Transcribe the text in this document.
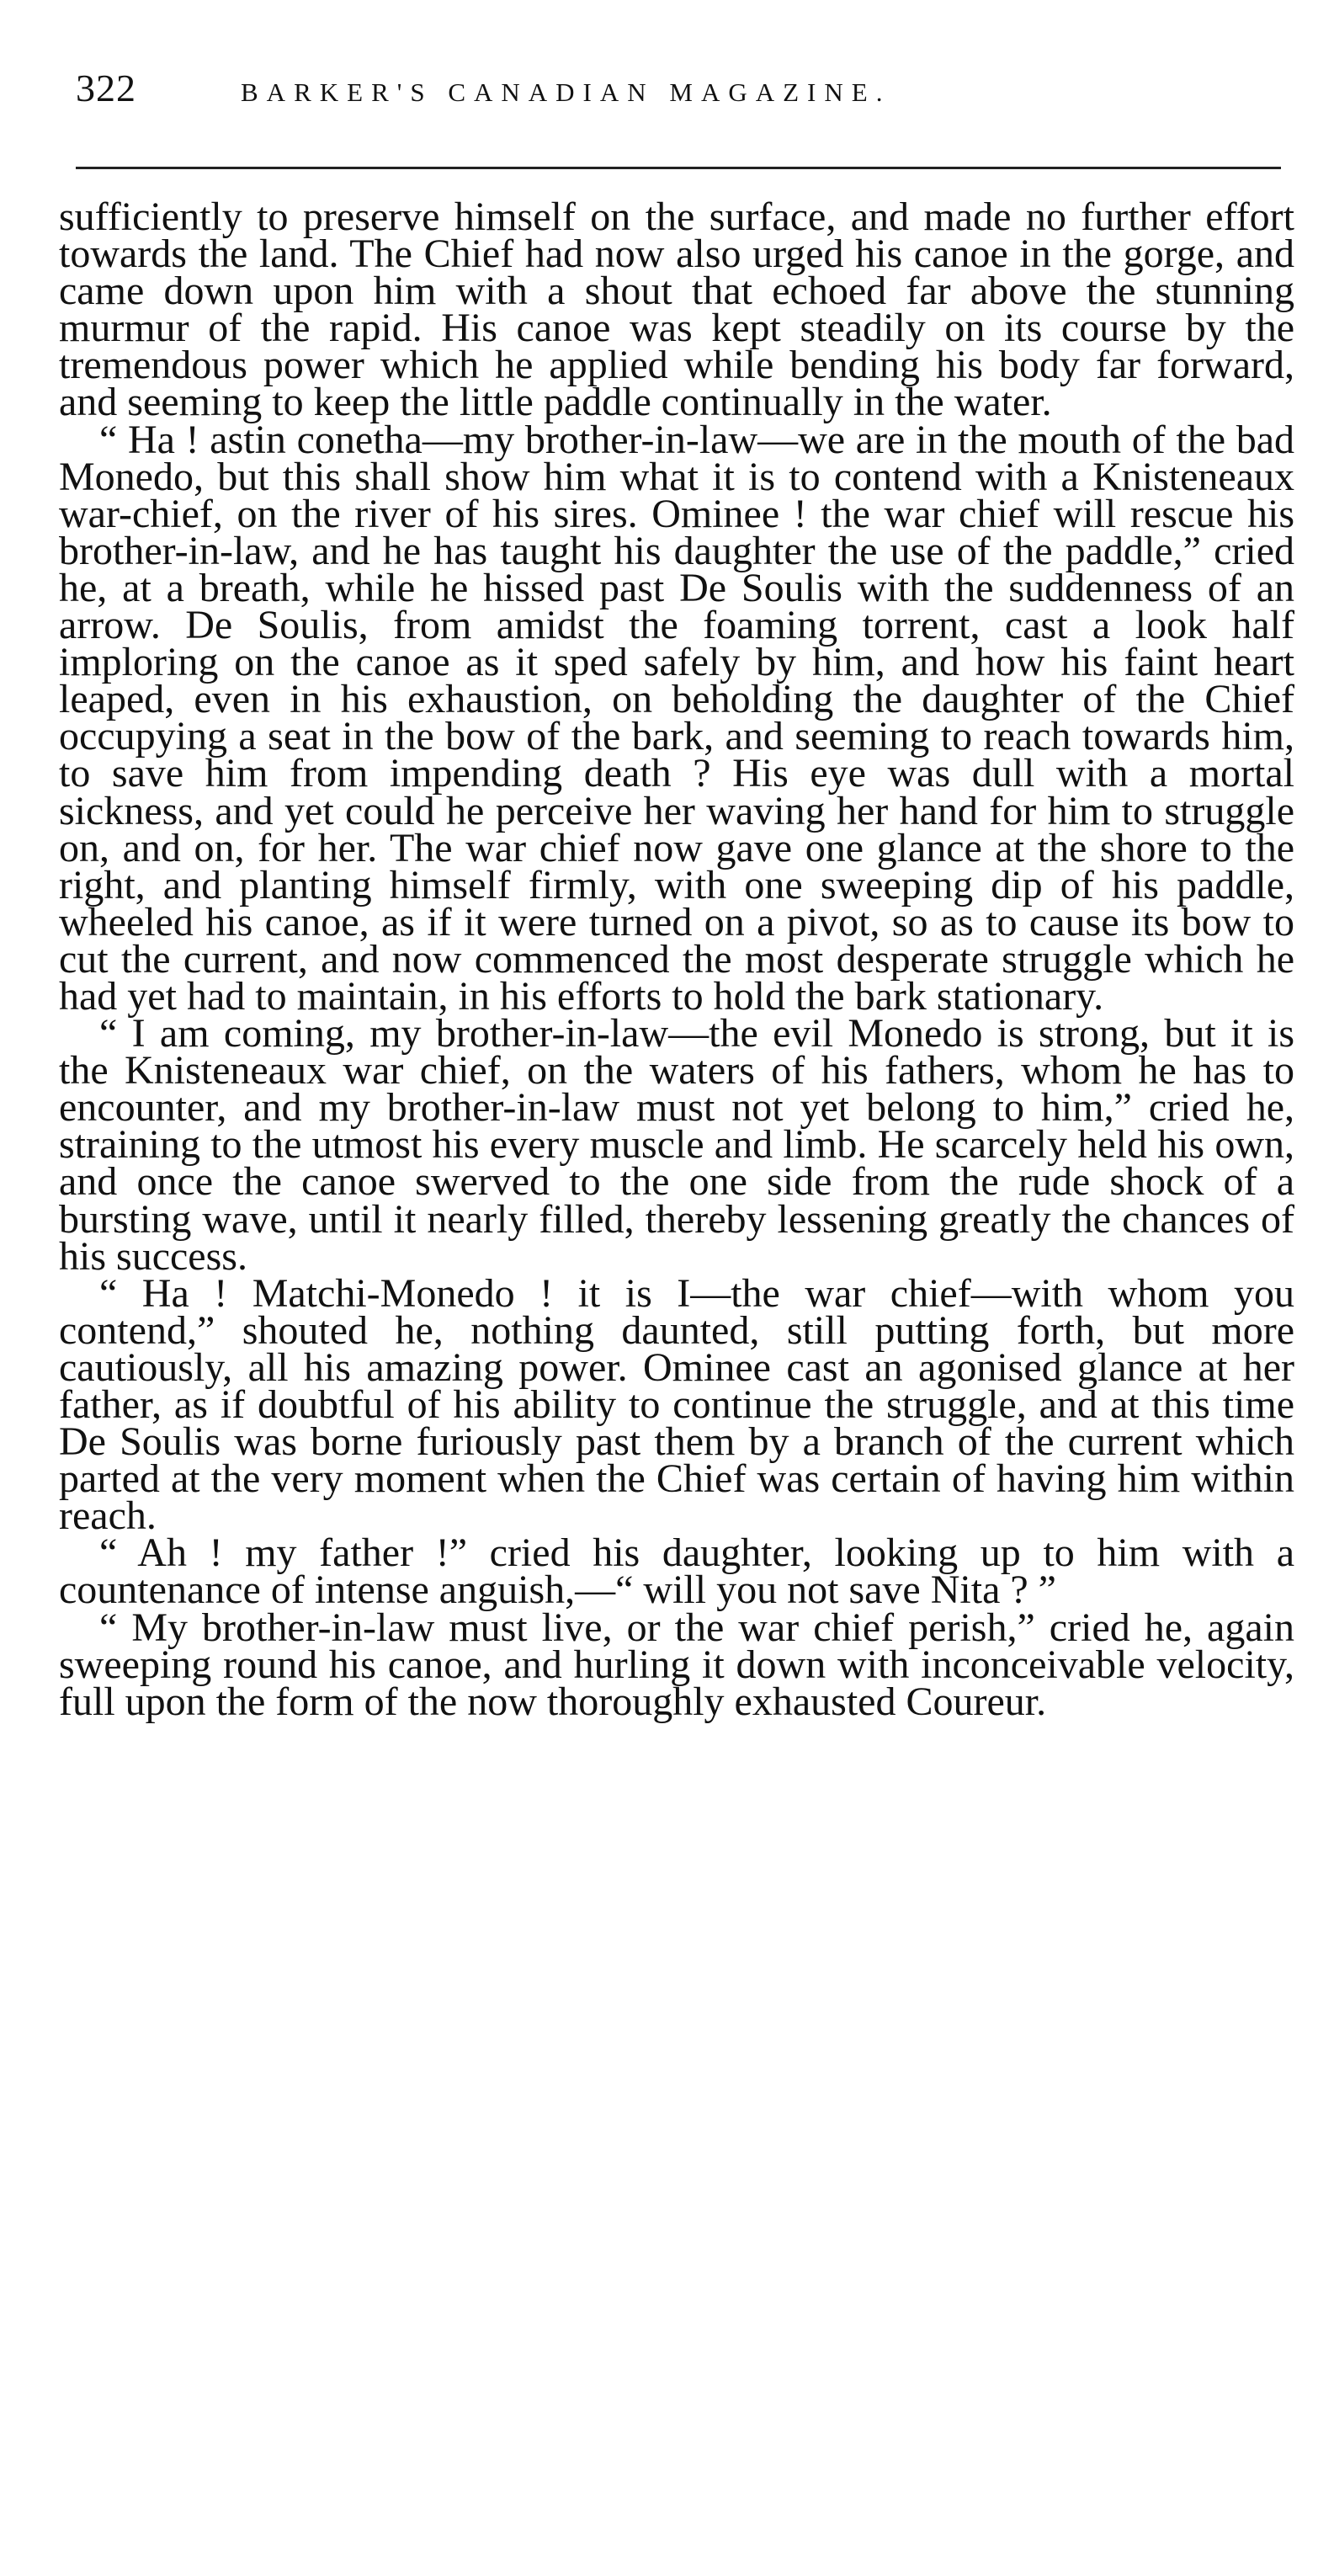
322	BARKER'S CANADIAN MAGAZINE.

sufficiently to preserve himself on the surface, and made no further effort towards the land. The Chief had now also urged his canoe in the gorge, and came down upon him with a shout that echoed far above the stunning murmur of the rapid. His canoe was kept steadily on its course by the tremendous power which he applied while bending his body far forward, and seeming to keep the little paddle continually in the water.

“ Ha ! astin conetha—my brother-in-law—we are in the mouth of the bad Monedo, but this shall show him what it is to contend with a Knisteneaux war-chief, on the river of his sires. Ominee ! the war chief will rescue his brother-in-law, and he has taught his daughter the use of the paddle,” cried he, at a breath, while he hissed past De Soulis with the suddenness of an arrow. De Soulis, from amidst the foaming torrent, cast a look half imploring on the canoe as it sped safely by him, and how his faint heart leaped, even in his exhaustion, on beholding the daughter of the Chief occupying a seat in the bow of the bark, and seeming to reach towards him, to save him from impending death ? His eye was dull with a mortal sickness, and yet could he perceive her waving her hand for him to struggle on, and on, for her. The war chief now gave one glance at the shore to the right, and planting himself firmly, with one sweeping dip of his paddle, wheeled his canoe, as if it were turned on a pivot, so as to cause its bow to cut the current, and now commenced the most desperate struggle which he had yet had to maintain, in his efforts to hold the bark stationary.

“ I am coming, my brother-in-law—the evil Monedo is strong, but it is the Knisteneaux war chief, on the waters of his fathers, whom he has to encounter, and my brother-in-law must not yet belong to him,” cried he, straining to the utmost his every muscle and limb. He scarcely held his own, and once the canoe swerved to the one side from the rude shock of a bursting wave, until it nearly filled, thereby lessening greatly the chances of his success.

“ Ha ! Matchi-Monedo ! it is I—the war chief—with whom you contend,” shouted he, nothing daunted, still putting forth, but more cautiously, all his amazing power. Ominee cast an agonised glance at her father, as if doubtful of his ability to continue the struggle, and at this time De Soulis was borne furiously past them by a branch of the current which parted at the very moment when the Chief was certain of having him within reach.

“ Ah ! my father !” cried his daughter, looking up to him with a countenance of intense anguish,—“ will you not save Nita ? ”

“ My brother-in-law must live, or the war chief perish,” cried he, again sweeping round his canoe, and hurling it down with inconceivable velocity, full upon the form of the now thoroughly exhausted Coureur.
